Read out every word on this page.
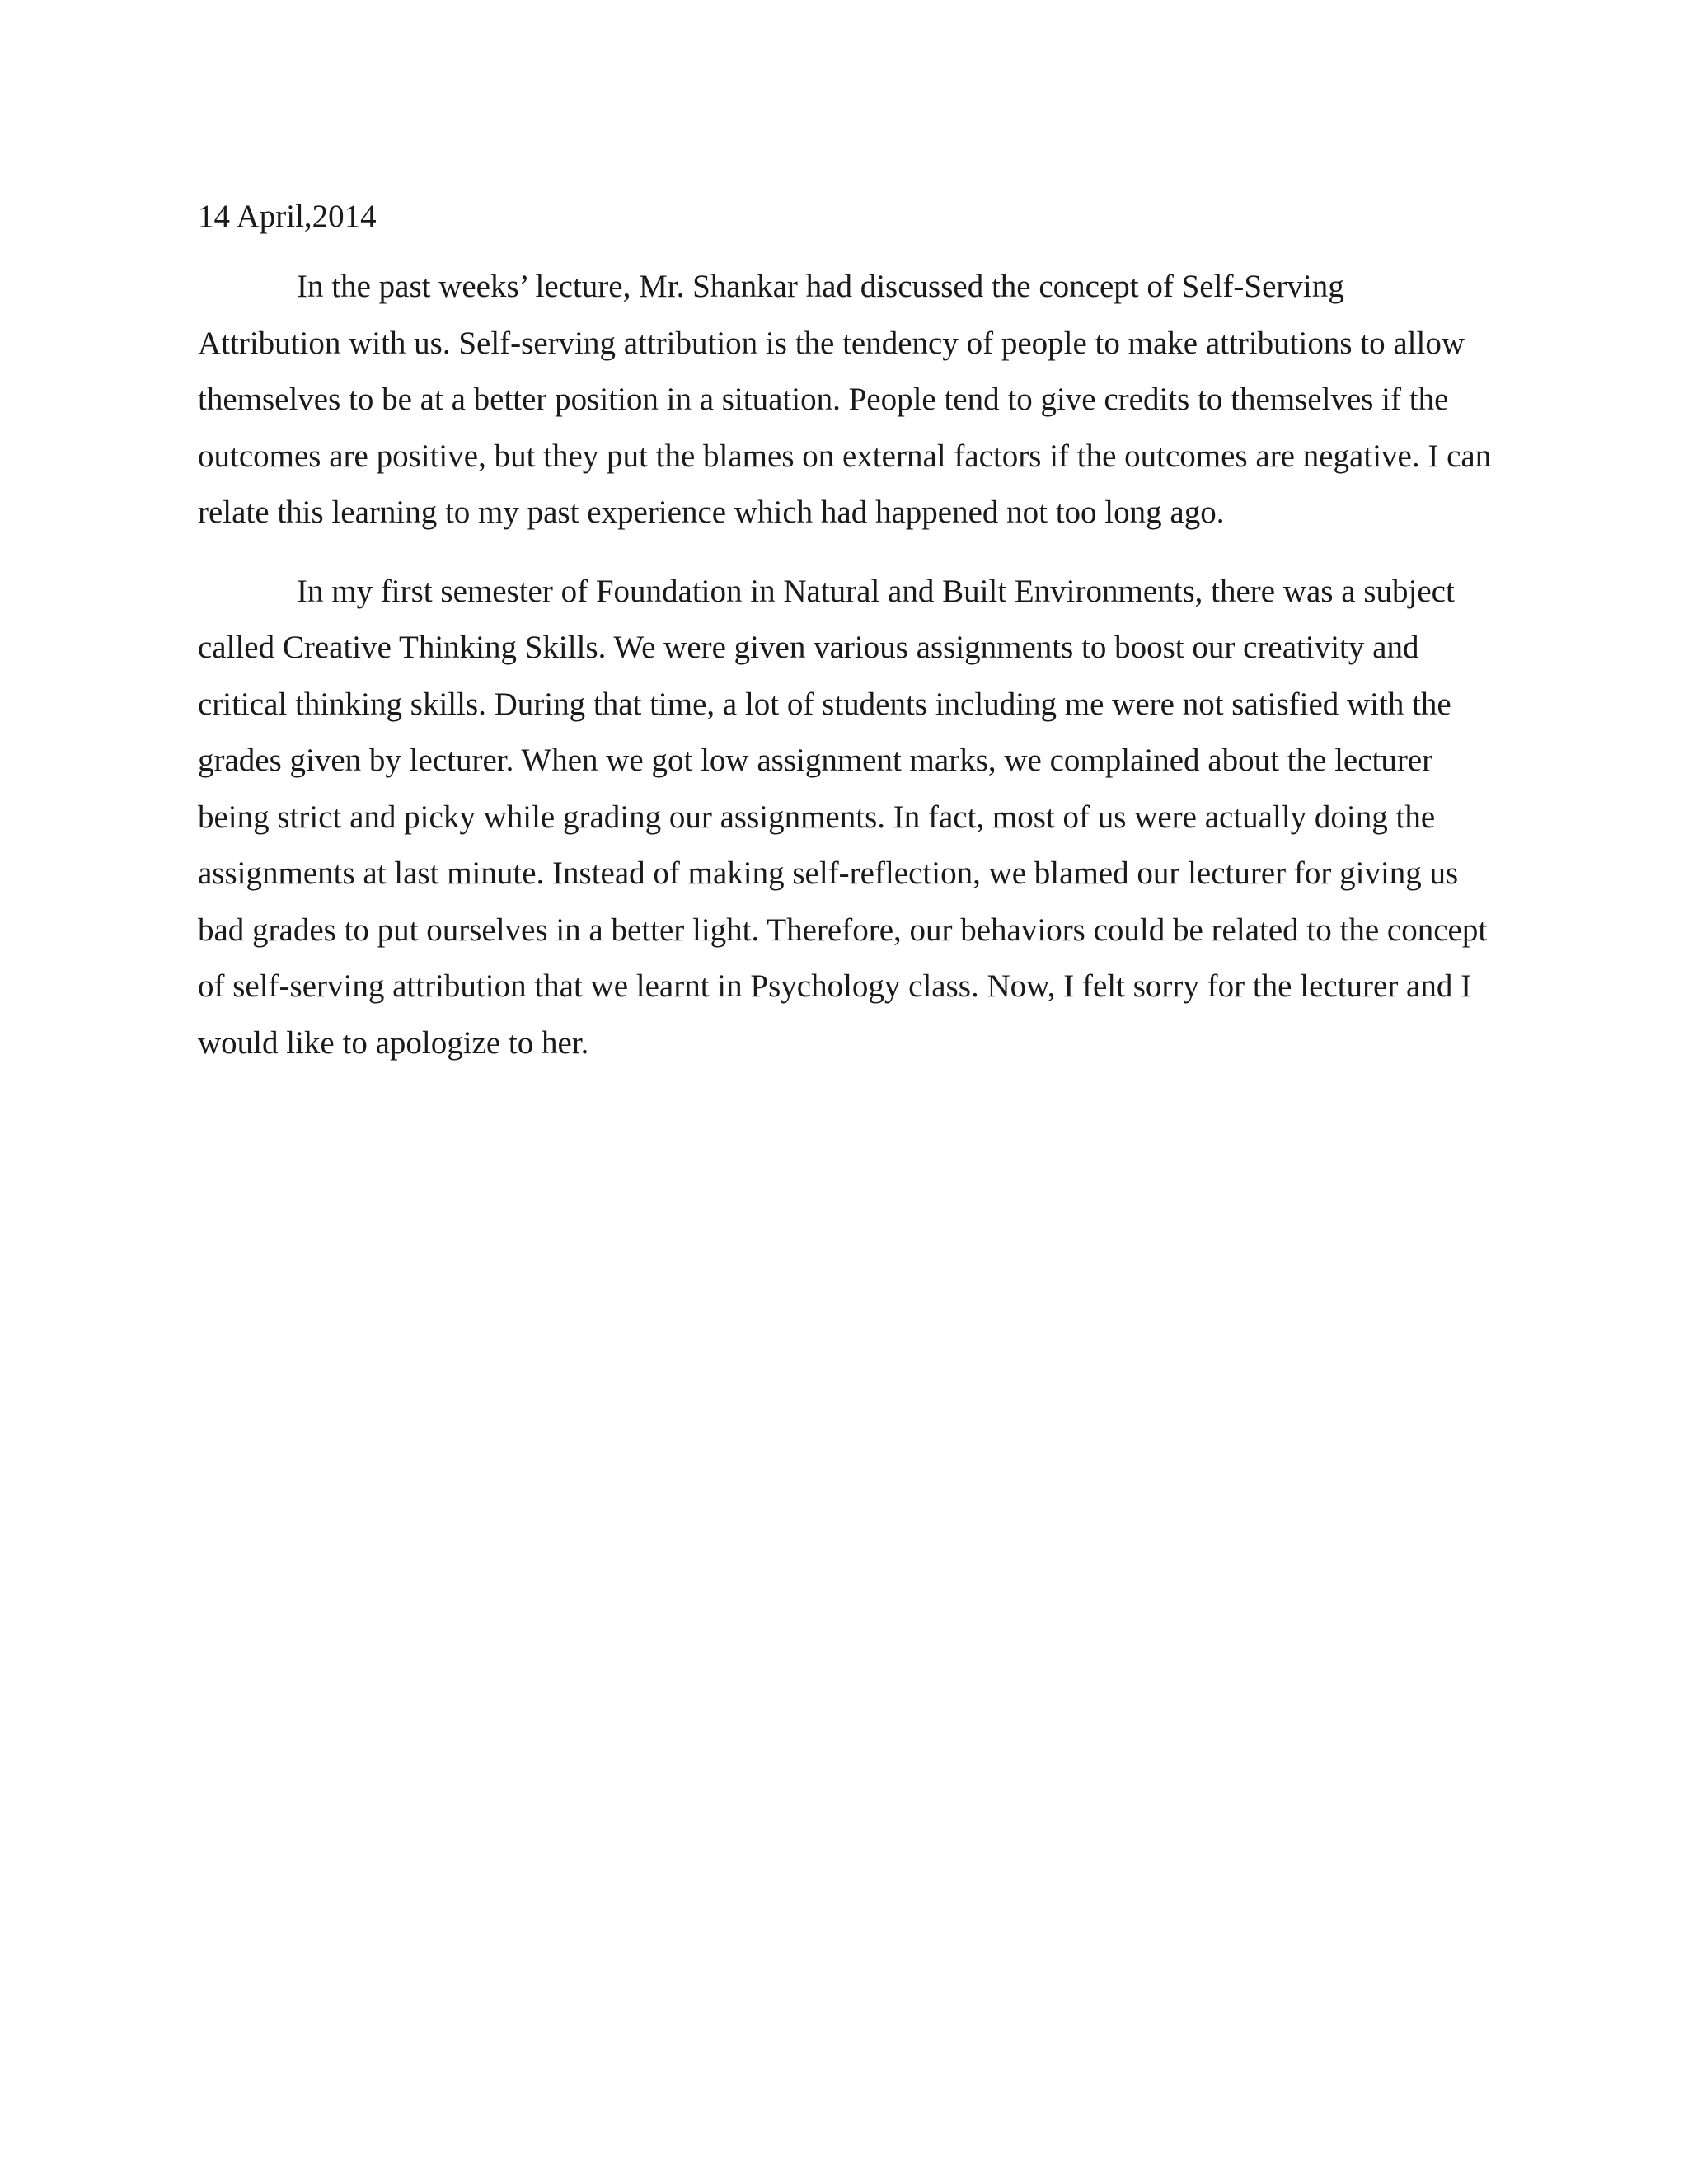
14 April,2014

In the past weeks’ lecture, Mr. Shankar had discussed the concept of Self-Serving Attribution with us. Self-serving attribution is the tendency of people to make attributions to allow themselves to be at a better position in a situation. People tend to give credits to themselves if the outcomes are positive, but they put the blames on external factors if the outcomes are negative. I can relate this learning to my past experience which had happened not too long ago.

In my first semester of Foundation in Natural and Built Environments, there was a subject called Creative Thinking Skills. We were given various assignments to boost our creativity and critical thinking skills. During that time, a lot of students including me were not satisfied with the grades given by lecturer. When we got low assignment marks, we complained about the lecturer being strict and picky while grading our assignments. In fact, most of us were actually doing the assignments at last minute. Instead of making self-reflection, we blamed our lecturer for giving us bad grades to put ourselves in a better light. Therefore, our behaviors could be related to the concept of self-serving attribution that we learnt in Psychology class. Now, I felt sorry for the lecturer and I would like to apologize to her.
